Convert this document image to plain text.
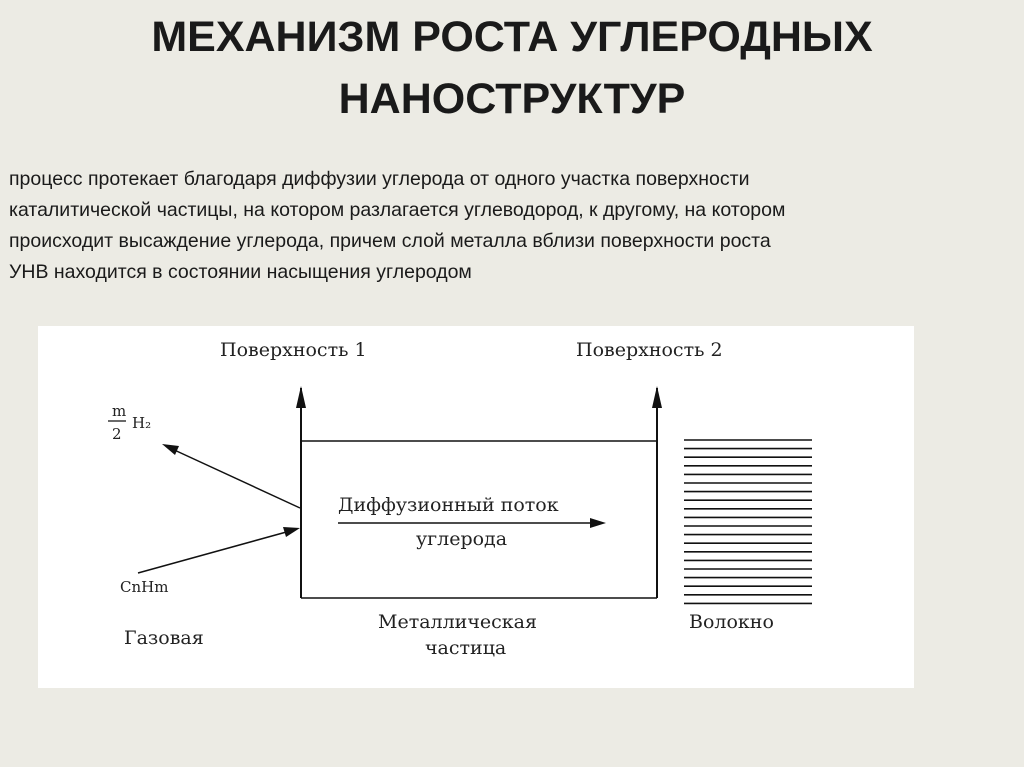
МЕХАНИЗМ РОСТА УГЛЕРОДНЫХ
НАНОСТРУКТУР
процесс протекает благодаря диффузии углерода от одного участка поверхности
каталитической частицы, на котором разлагается углеводород, к другому, на котором
происходит высаждение углерода, причем слой металла вблизи поверхности роста
УНВ находится в состоянии насыщения углеродом
Поверхность 1	Поверхность 2
Диффузионный поток
углерода
m
2
H₂
CnHm
Газовая
Металлическая
частица
Волокно
